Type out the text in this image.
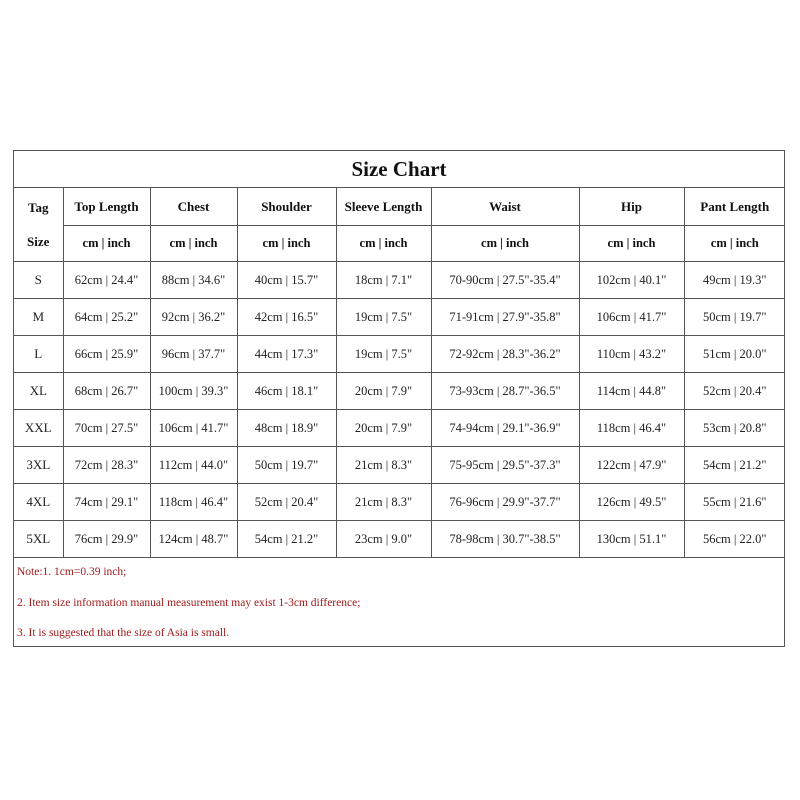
Size Chart
Tag
Size	Top Length	Chest	Shoulder	Sleeve Length	Waist	Hip	Pant Length
	cm | inch	cm | inch	cm | inch	cm | inch	cm | inch	cm | inch	cm | inch
S	62cm | 24.4"	88cm | 34.6"	40cm | 15.7"	18cm | 7.1"	70-90cm | 27.5"-35.4"	102cm | 40.1"	49cm | 19.3"
M	64cm | 25.2"	92cm | 36.2"	42cm | 16.5"	19cm | 7.5"	71-91cm | 27.9"-35.8"	106cm | 41.7"	50cm | 19.7"
L	66cm | 25.9"	96cm | 37.7"	44cm | 17.3"	19cm | 7.5"	72-92cm | 28.3"-36.2"	110cm | 43.2"	51cm | 20.0"
XL	68cm | 26.7"	100cm | 39.3"	46cm | 18.1"	20cm | 7.9"	73-93cm | 28.7"-36.5"	114cm | 44.8"	52cm | 20.4"
XXL	70cm | 27.5"	106cm | 41.7"	48cm | 18.9"	20cm | 7.9"	74-94cm | 29.1"-36.9"	118cm | 46.4"	53cm | 20.8"
3XL	72cm | 28.3"	112cm | 44.0"	50cm | 19.7"	21cm | 8.3"	75-95cm | 29.5"-37.3"	122cm | 47.9"	54cm | 21.2"
4XL	74cm | 29.1"	118cm | 46.4"	52cm | 20.4"	21cm | 8.3"	76-96cm | 29.9"-37.7"	126cm | 49.5"	55cm | 21.6"
5XL	76cm | 29.9"	124cm | 48.7"	54cm | 21.2"	23cm | 9.0"	78-98cm | 30.7"-38.5"	130cm | 51.1"	56cm | 22.0"
Note:1. 1cm=0.39 inch;
2. Item size information manual measurement may exist 1-3cm difference;
3. It is suggested that the size of Asia is small.
